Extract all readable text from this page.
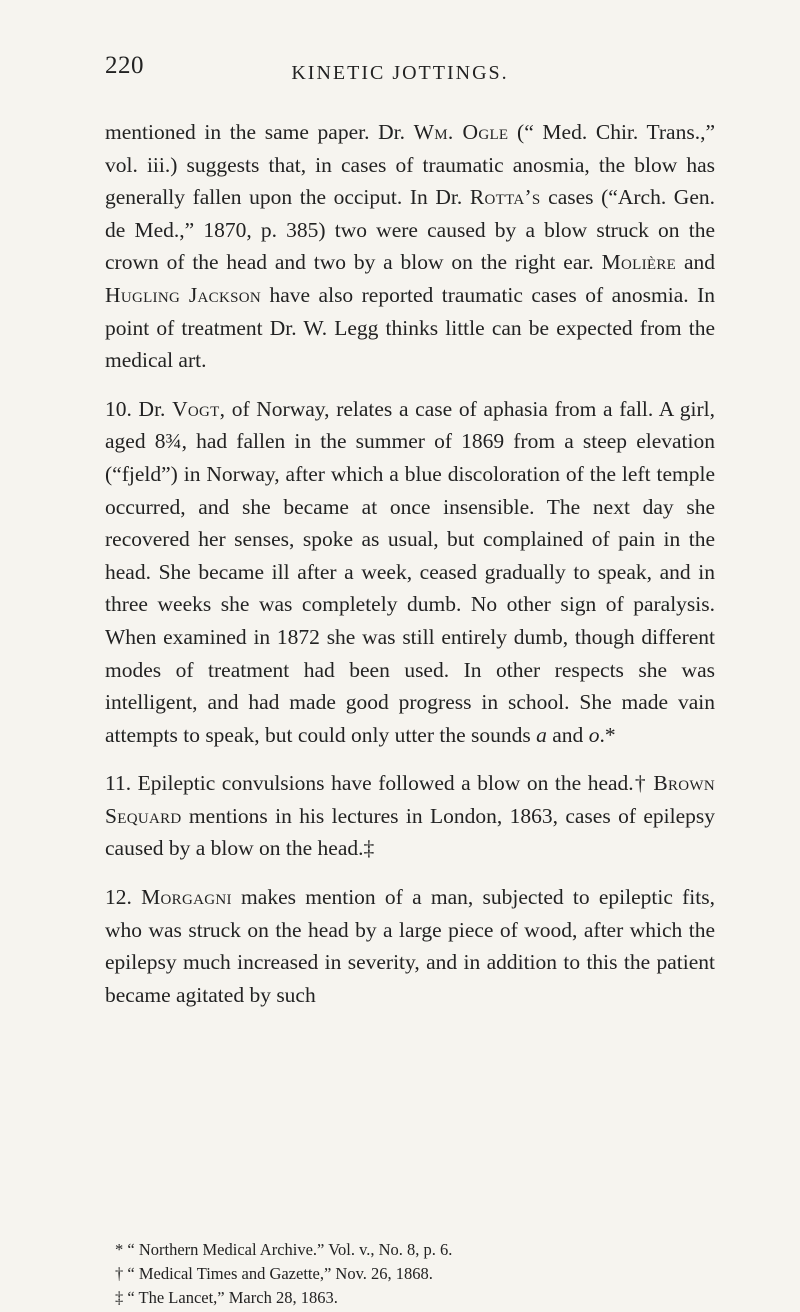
220	KINETIC JOTTINGS.

mentioned in the same paper. Dr. Wm. Ogle (“ Med. Chir. Trans.,” vol. iii.) suggests that, in cases of traumatic anosmia, the blow has generally fallen upon the occiput. In Dr. Rotta’s cases (“Arch. Gen. de Med.,” 1870, p. 385) two were caused by a blow struck on the crown of the head and two by a blow on the right ear. Molière and Hugling Jackson have also reported traumatic cases of anosmia. In point of treatment Dr. W. Legg thinks little can be expected from the medical art.

10. Dr. Vogt, of Norway, relates a case of aphasia from a fall. A girl, aged 8¾, had fallen in the summer of 1869 from a steep elevation (“fjeld”) in Norway, after which a blue discoloration of the left temple occurred, and she became at once insensible. The next day she recovered her senses, spoke as usual, but complained of pain in the head. She became ill after a week, ceased gradually to speak, and in three weeks she was completely dumb. No other sign of paralysis. When examined in 1872 she was still entirely dumb, though different modes of treatment had been used. In other respects she was intelligent, and had made good progress in school. She made vain attempts to speak, but could only utter the sounds a and o.*

11. Epileptic convulsions have followed a blow on the head.† Brown Sequard mentions in his lectures in London, 1863, cases of epilepsy caused by a blow on the head.‡

12. Morgagni makes mention of a man, subjected to epileptic fits, who was struck on the head by a large piece of wood, after which the epilepsy much increased in severity, and in addition to this the patient became agitated by such

* “ Northern Medical Archive.” Vol. v., No. 8, p. 6.
† “ Medical Times and Gazette,” Nov. 26, 1868.
‡ “ The Lancet,” March 28, 1863.
